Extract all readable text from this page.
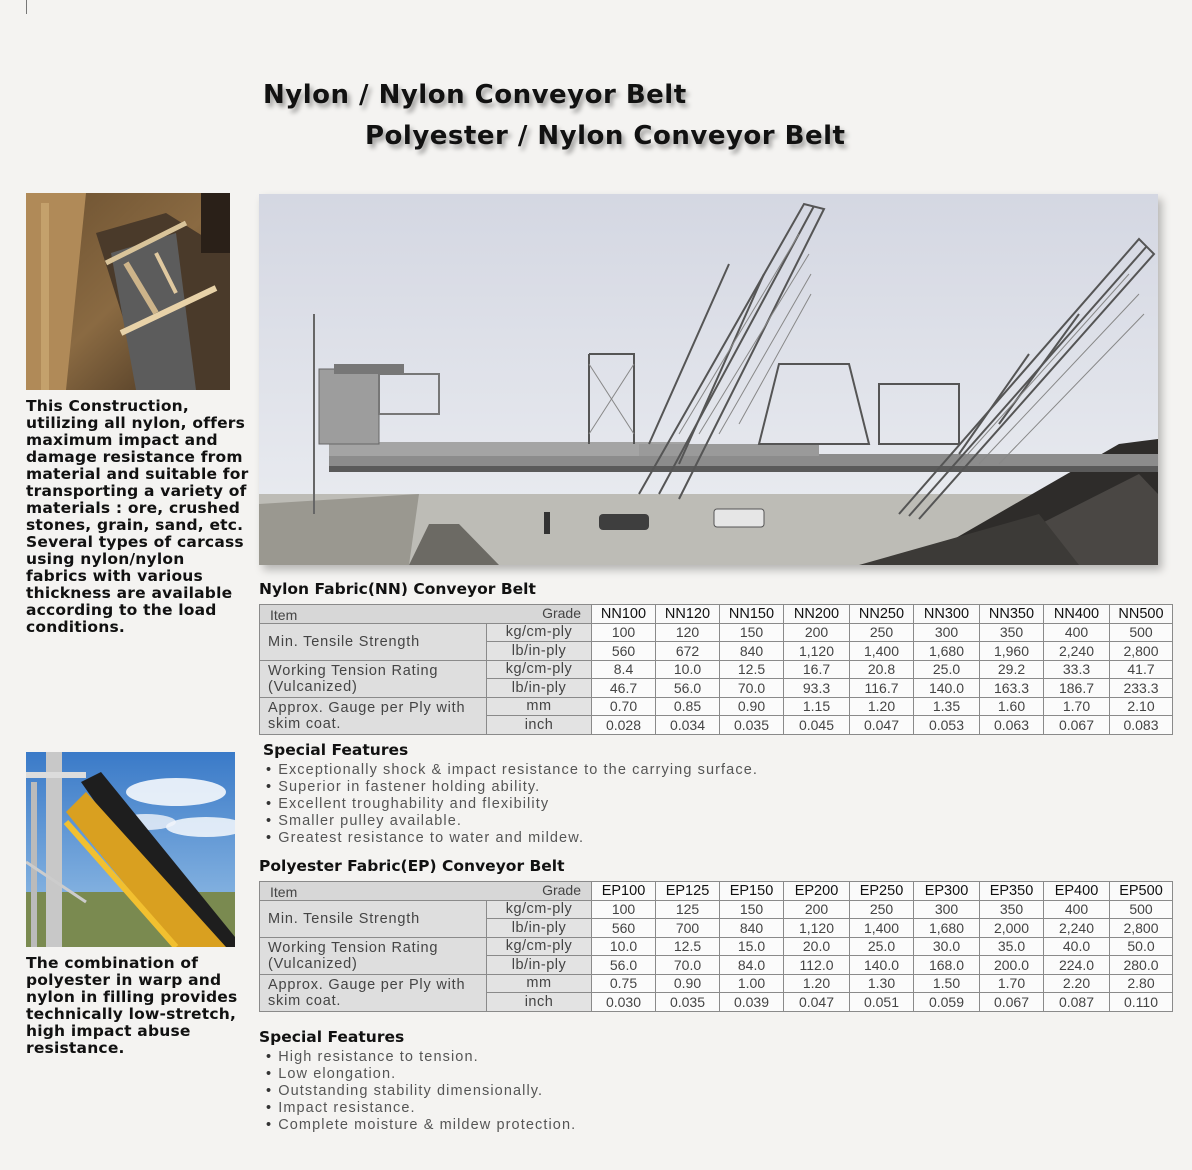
Nylon / Nylon Conveyor Belt
Polyester / Nylon Conveyor Belt
This Construction, utilizing all nylon, offers maximum impact and damage resistance from material and suitable for transporting a variety of materials : ore, crushed stones, grain, sand, etc. Several types of carcass using nylon/nylon fabrics with various thickness are available according to the load conditions.
The combination of polyester in warp and nylon in filling provides technically low-stretch, high impact abuse resistance.
Nylon Fabric(NN) Conveyor Belt
Item Grade		NN100	NN120	NN150	NN200	NN250	NN300	NN350	NN400	NN500
Min. Tensile Strength	kg/cm-ply	100	120	150	200	250	300	350	400	500
	lb/in-ply	560	672	840	1,120	1,400	1,680	1,960	2,240	2,800
Working Tension Rating (Vulcanized)	kg/cm-ply	8.4	10.0	12.5	16.7	20.8	25.0	29.2	33.3	41.7
	lb/in-ply	46.7	56.0	70.0	93.3	116.7	140.0	163.3	186.7	233.3
Approx. Gauge per Ply with skim coat.	mm	0.70	0.85	0.90	1.15	1.20	1.35	1.60	1.70	2.10
	inch	0.028	0.034	0.035	0.045	0.047	0.053	0.063	0.067	0.083
Special Features
• Exceptionally shock & impact resistance to the carrying surface.
• Superior in fastener holding ability.
• Excellent troughability and flexibility
• Smaller pulley available.
• Greatest resistance to water and mildew.
Polyester Fabric(EP) Conveyor Belt
Item Grade		EP100	EP125	EP150	EP200	EP250	EP300	EP350	EP400	EP500
Min. Tensile Strength	kg/cm-ply	100	125	150	200	250	300	350	400	500
	lb/in-ply	560	700	840	1,120	1,400	1,680	2,000	2,240	2,800
Working Tension Rating (Vulcanized)	kg/cm-ply	10.0	12.5	15.0	20.0	25.0	30.0	35.0	40.0	50.0
	lb/in-ply	56.0	70.0	84.0	112.0	140.0	168.0	200.0	224.0	280.0
Approx. Gauge per Ply with skim coat.	mm	0.75	0.90	1.00	1.20	1.30	1.50	1.70	2.20	2.80
	inch	0.030	0.035	0.039	0.047	0.051	0.059	0.067	0.087	0.110
Special Features
• High resistance to tension.
• Low elongation.
• Outstanding stability dimensionally.
• Impact resistance.
• Complete moisture & mildew protection.
